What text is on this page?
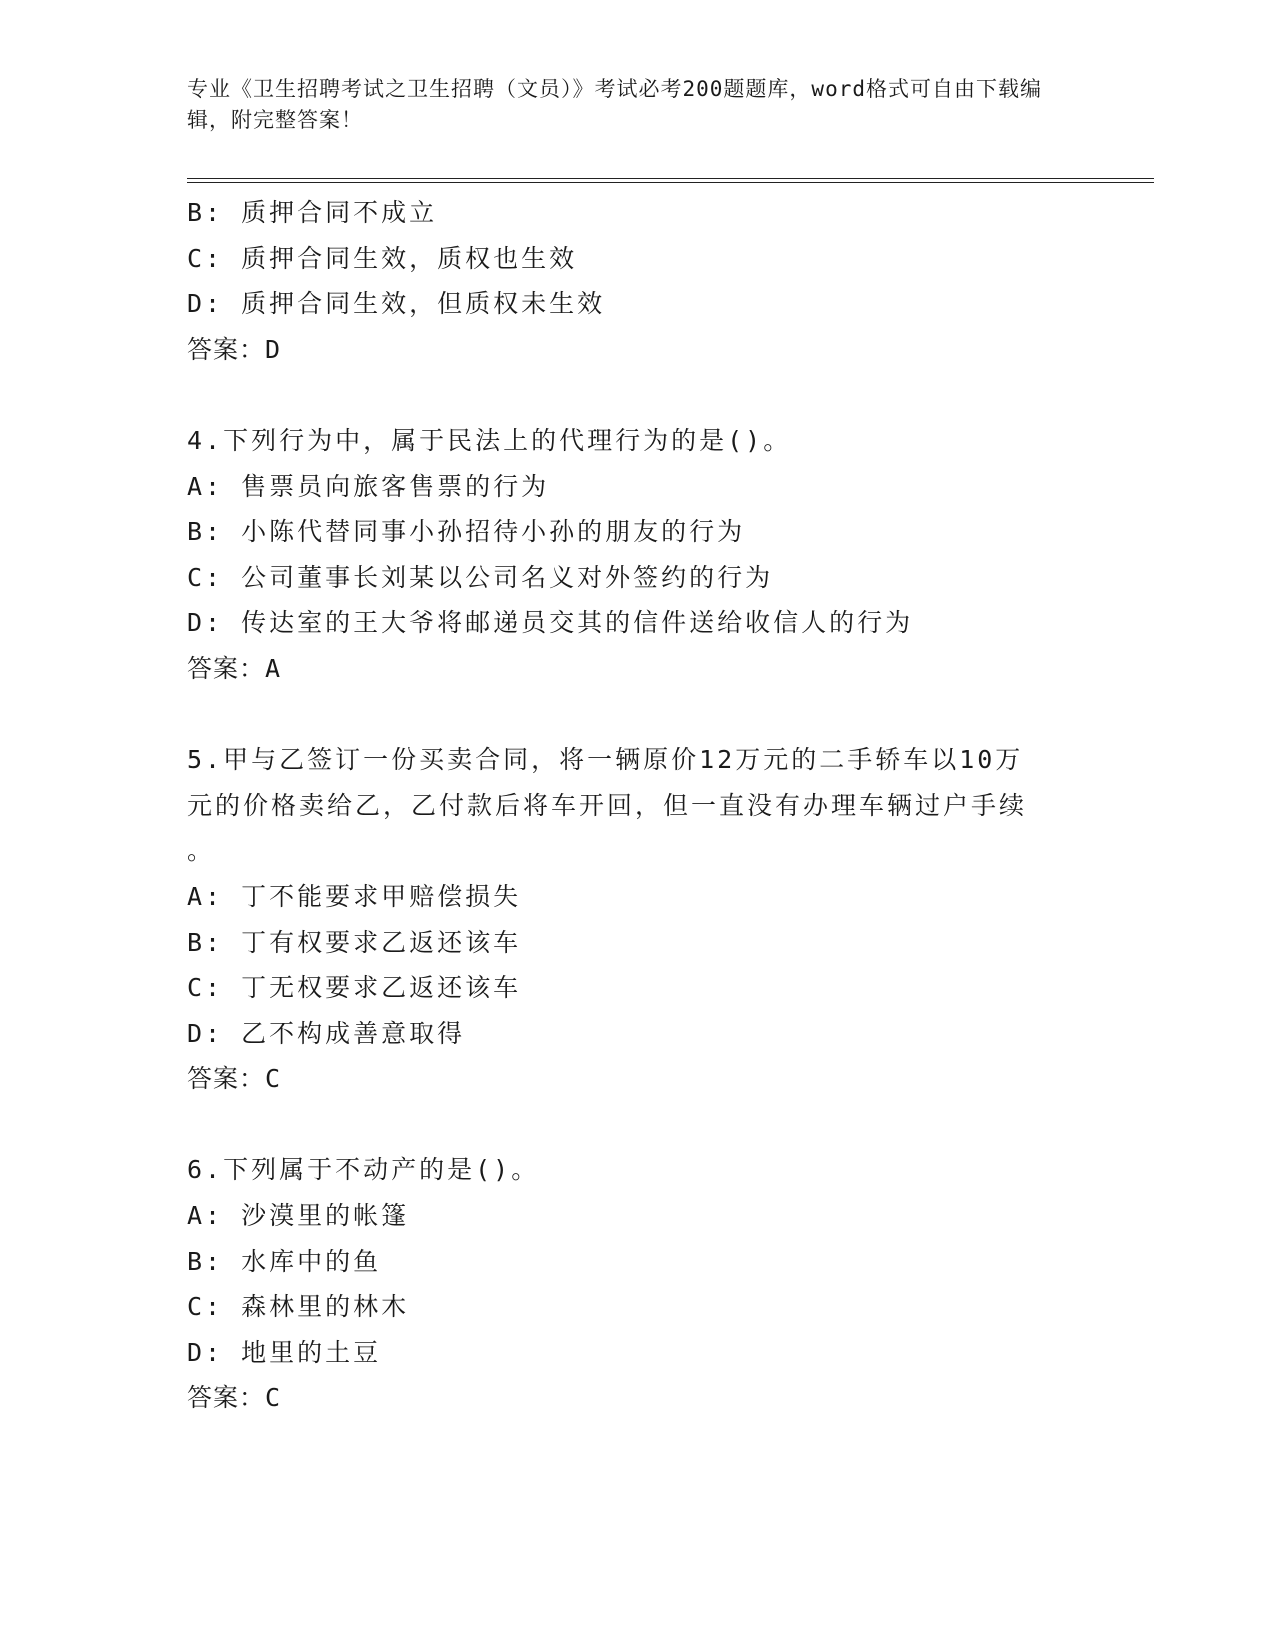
专业《卫生招聘考试之卫生招聘（文员）》考试必考200题题库，word格式可自由下载编辑，附完整答案！
B: 质押合同不成立
C: 质押合同生效，质权也生效
D: 质押合同生效，但质权未生效
答案：D
4.下列行为中，属于民法上的代理行为的是()。
A: 售票员向旅客售票的行为
B: 小陈代替同事小孙招待小孙的朋友的行为
C: 公司董事长刘某以公司名义对外签约的行为
D: 传达室的王大爷将邮递员交其的信件送给收信人的行为
答案：A
5.甲与乙签订一份买卖合同，将一辆原价12万元的二手轿车以10万
元的价格卖给乙，乙付款后将车开回，但一直没有办理车辆过户手续
。
A: 丁不能要求甲赔偿损失
B: 丁有权要求乙返还该车
C: 丁无权要求乙返还该车
D: 乙不构成善意取得
答案：C
6.下列属于不动产的是()。
A: 沙漠里的帐篷
B: 水库中的鱼
C: 森林里的林木
D: 地里的土豆
答案：C
